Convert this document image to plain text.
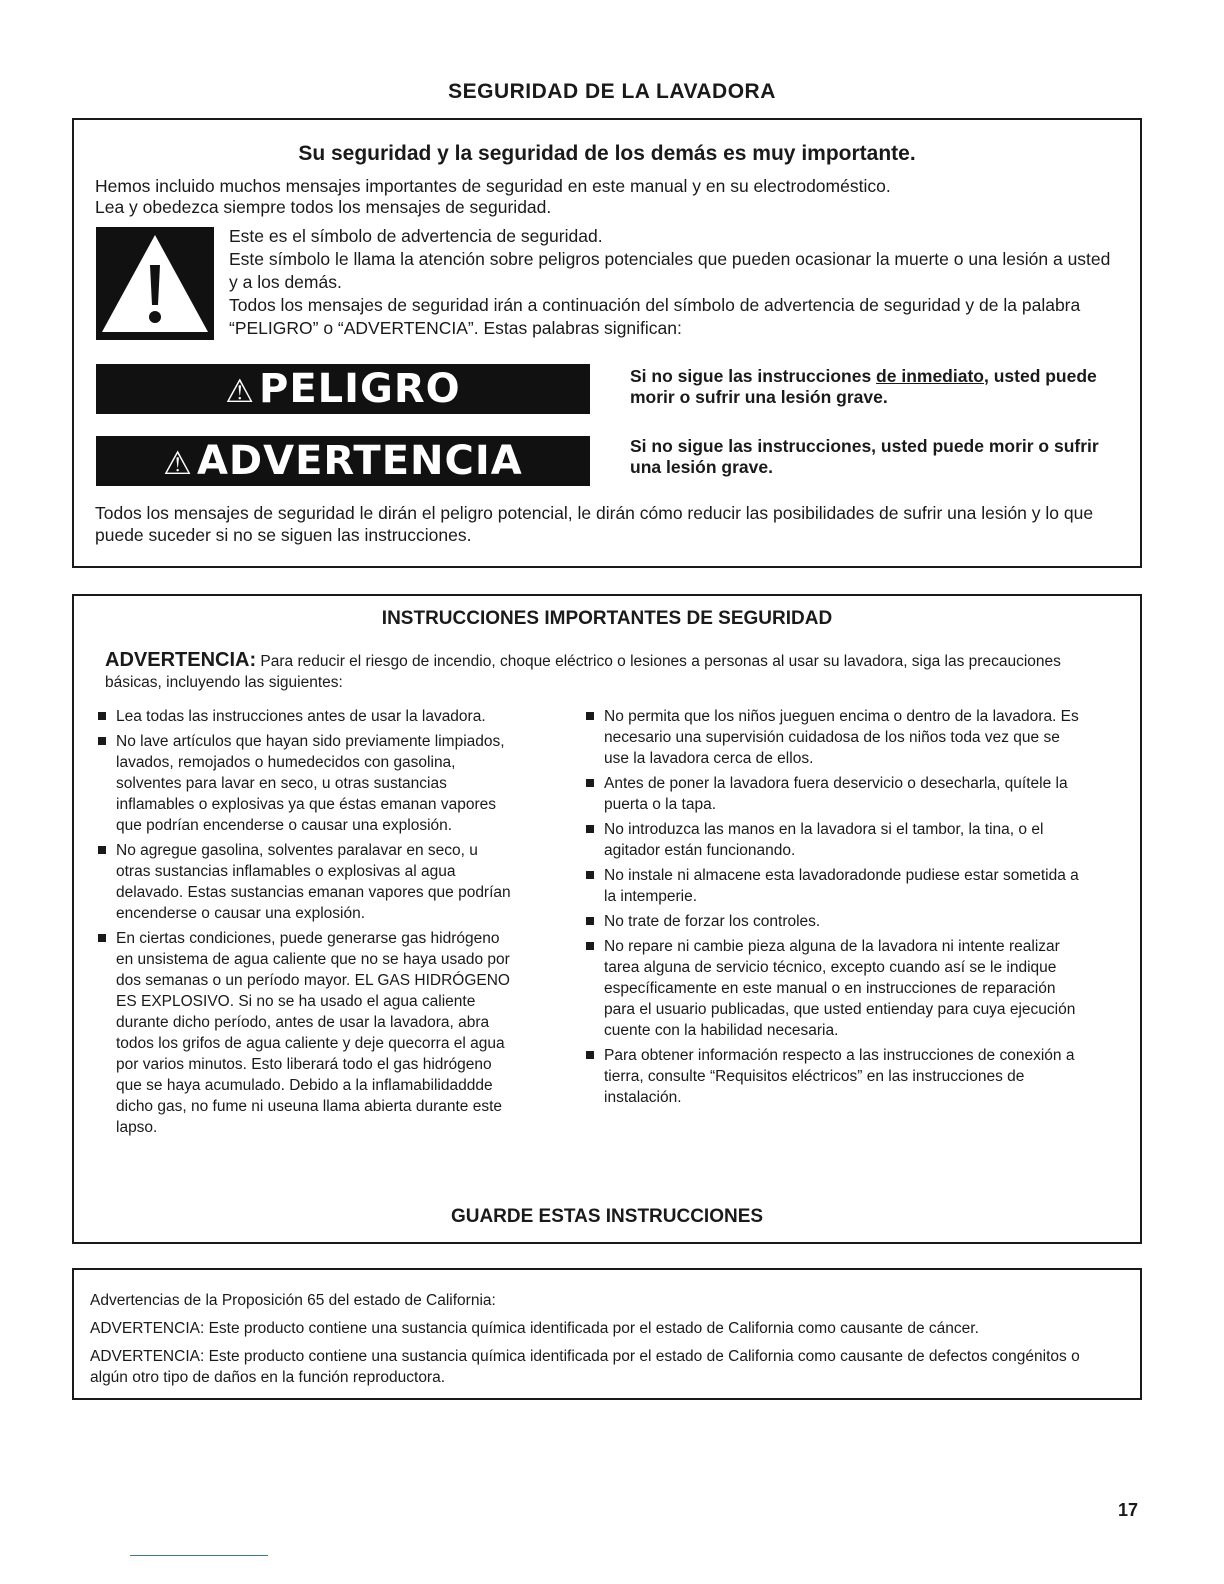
SEGURIDAD DE LA LAVADORA
Su seguridad y la seguridad de los demás es muy importante.
Hemos incluido muchos mensajes importantes de seguridad en este manual y en su electrodoméstico.
Lea y obedezca siempre todos los mensajes de seguridad.

Este es el símbolo de advertencia de seguridad.

Este símbolo le llama la atención sobre peligros potenciales que pueden ocasionar la muerte o una lesión a usted y a los demás.

Todos los mensajes de seguridad irán a continuación del símbolo de advertencia de seguridad y de la palabra “PELIGRO” o “ADVERTENCIA”. Estas palabras significan:

⚠ PELIGRO	Si no sigue las instrucciones de inmediato, usted puede morir o sufrir una lesión grave.
⚠ ADVERTENCIA	Si no sigue las instrucciones, usted puede morir o sufrir una lesión grave.
Todos los mensajes de seguridad le dirán el peligro potencial, le dirán cómo reducir las posibilidades de sufrir una lesión y lo que puede suceder si no se siguen las instrucciones.
INSTRUCCIONES IMPORTANTES DE SEGURIDAD
ADVERTENCIA: Para reducir el riesgo de incendio, choque eléctrico o lesiones a personas al usar su lavadora, siga las precauciones básicas, incluyendo las siguientes:
Lea todas las instrucciones antes de usar la lavadora.
No lave artículos que hayan sido previamente limpiados, lavados, remojados o humedecidos con gasolina, solventes para lavar en seco, u otras sustancias inflamables o explosivas ya que éstas emanan vapores que podrían encenderse o causar una explosión.
No agregue gasolina, solventes paralavar en seco, u otras sustancias inflamables o explosivas al agua delavado. Estas sustancias emanan vapores que podrían encenderse o causar una explosión.
En ciertas condiciones, puede generarse gas hidrógeno en unsistema de agua caliente que no se haya usado por dos semanas o un período mayor. EL GAS HIDRÓGENO ES EXPLOSIVO. Si no se ha usado el agua caliente durante dicho período, antes de usar la lavadora, abra todos los grifos de agua caliente y deje quecorra el agua por varios minutos. Esto liberará todo el gas hidrógeno que se haya acumulado. Debido a la inflamabilidaddde dicho gas, no fume ni useuna llama abierta durante este lapso.
No permita que los niños jueguen encima o dentro de la lavadora. Es necesario una supervisión cuidadosa de los niños toda vez que se use la lavadora cerca de ellos.
Antes de poner la lavadora fuera deservicio o desecharla, quítele la puerta o la tapa.
No introduzca las manos en la lavadora si el tambor, la tina, o el agitador están funcionando.
No instale ni almacene esta lavadoradonde pudiese estar sometida a la intemperie.
No trate de forzar los controles.
No repare ni cambie pieza alguna de la lavadora ni intente realizar tarea alguna de servicio técnico, excepto cuando así se le indique específicamente en este manual o en instrucciones de reparación para el usuario publicadas, que usted entienday para cuya ejecución cuente con la habilidad necesaria.
Para obtener información respecto a las instrucciones de conexión a tierra, consulte “Requisitos eléctricos” en las instrucciones de instalación.
GUARDE ESTAS INSTRUCCIONES

Advertencias de la Proposición 65 del estado de California:

ADVERTENCIA: Este producto contiene una sustancia química identificada por el estado de California como causante de cáncer.

ADVERTENCIA: Este producto contiene una sustancia química identificada por el estado de California como causante de defectos congénitos o algún otro tipo de daños en la función reproductora.

17
